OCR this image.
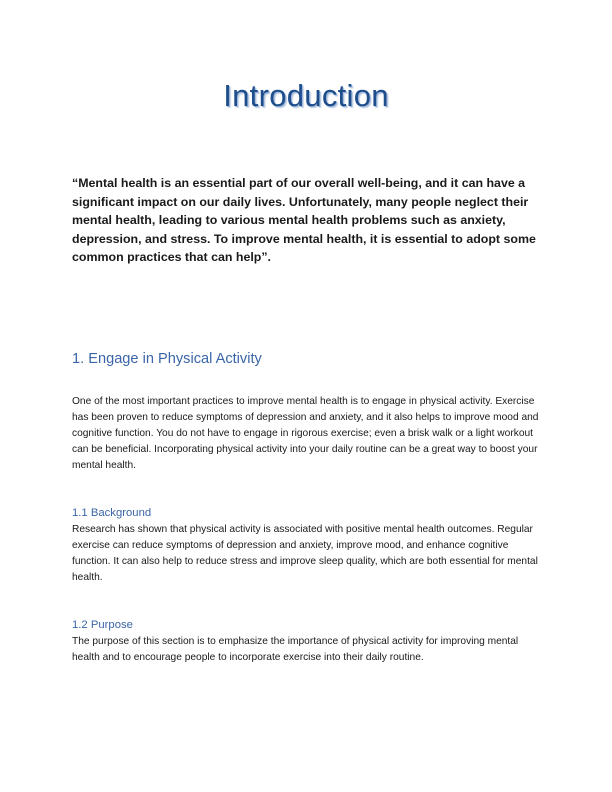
Introduction

“Mental health is an essential part of our overall well-being, and it can have a significant impact on our daily lives. Unfortunately, many people neglect their mental health, leading to various mental health problems such as anxiety, depression, and stress. To improve mental health, it is essential to adopt some common practices that can help”.

1. Engage in Physical Activity

One of the most important practices to improve mental health is to engage in physical activity. Exercise has been proven to reduce symptoms of depression and anxiety, and it also helps to improve mood and cognitive function. You do not have to engage in rigorous exercise; even a brisk walk or a light workout can be beneficial. Incorporating physical activity into your daily routine can be a great way to boost your mental health.

1.1 Background

Research has shown that physical activity is associated with positive mental health outcomes. Regular exercise can reduce symptoms of depression and anxiety, improve mood, and enhance cognitive function. It can also help to reduce stress and improve sleep quality, which are both essential for mental health.

1.2 Purpose

The purpose of this section is to emphasize the importance of physical activity for improving mental health and to encourage people to incorporate exercise into their daily routine.
